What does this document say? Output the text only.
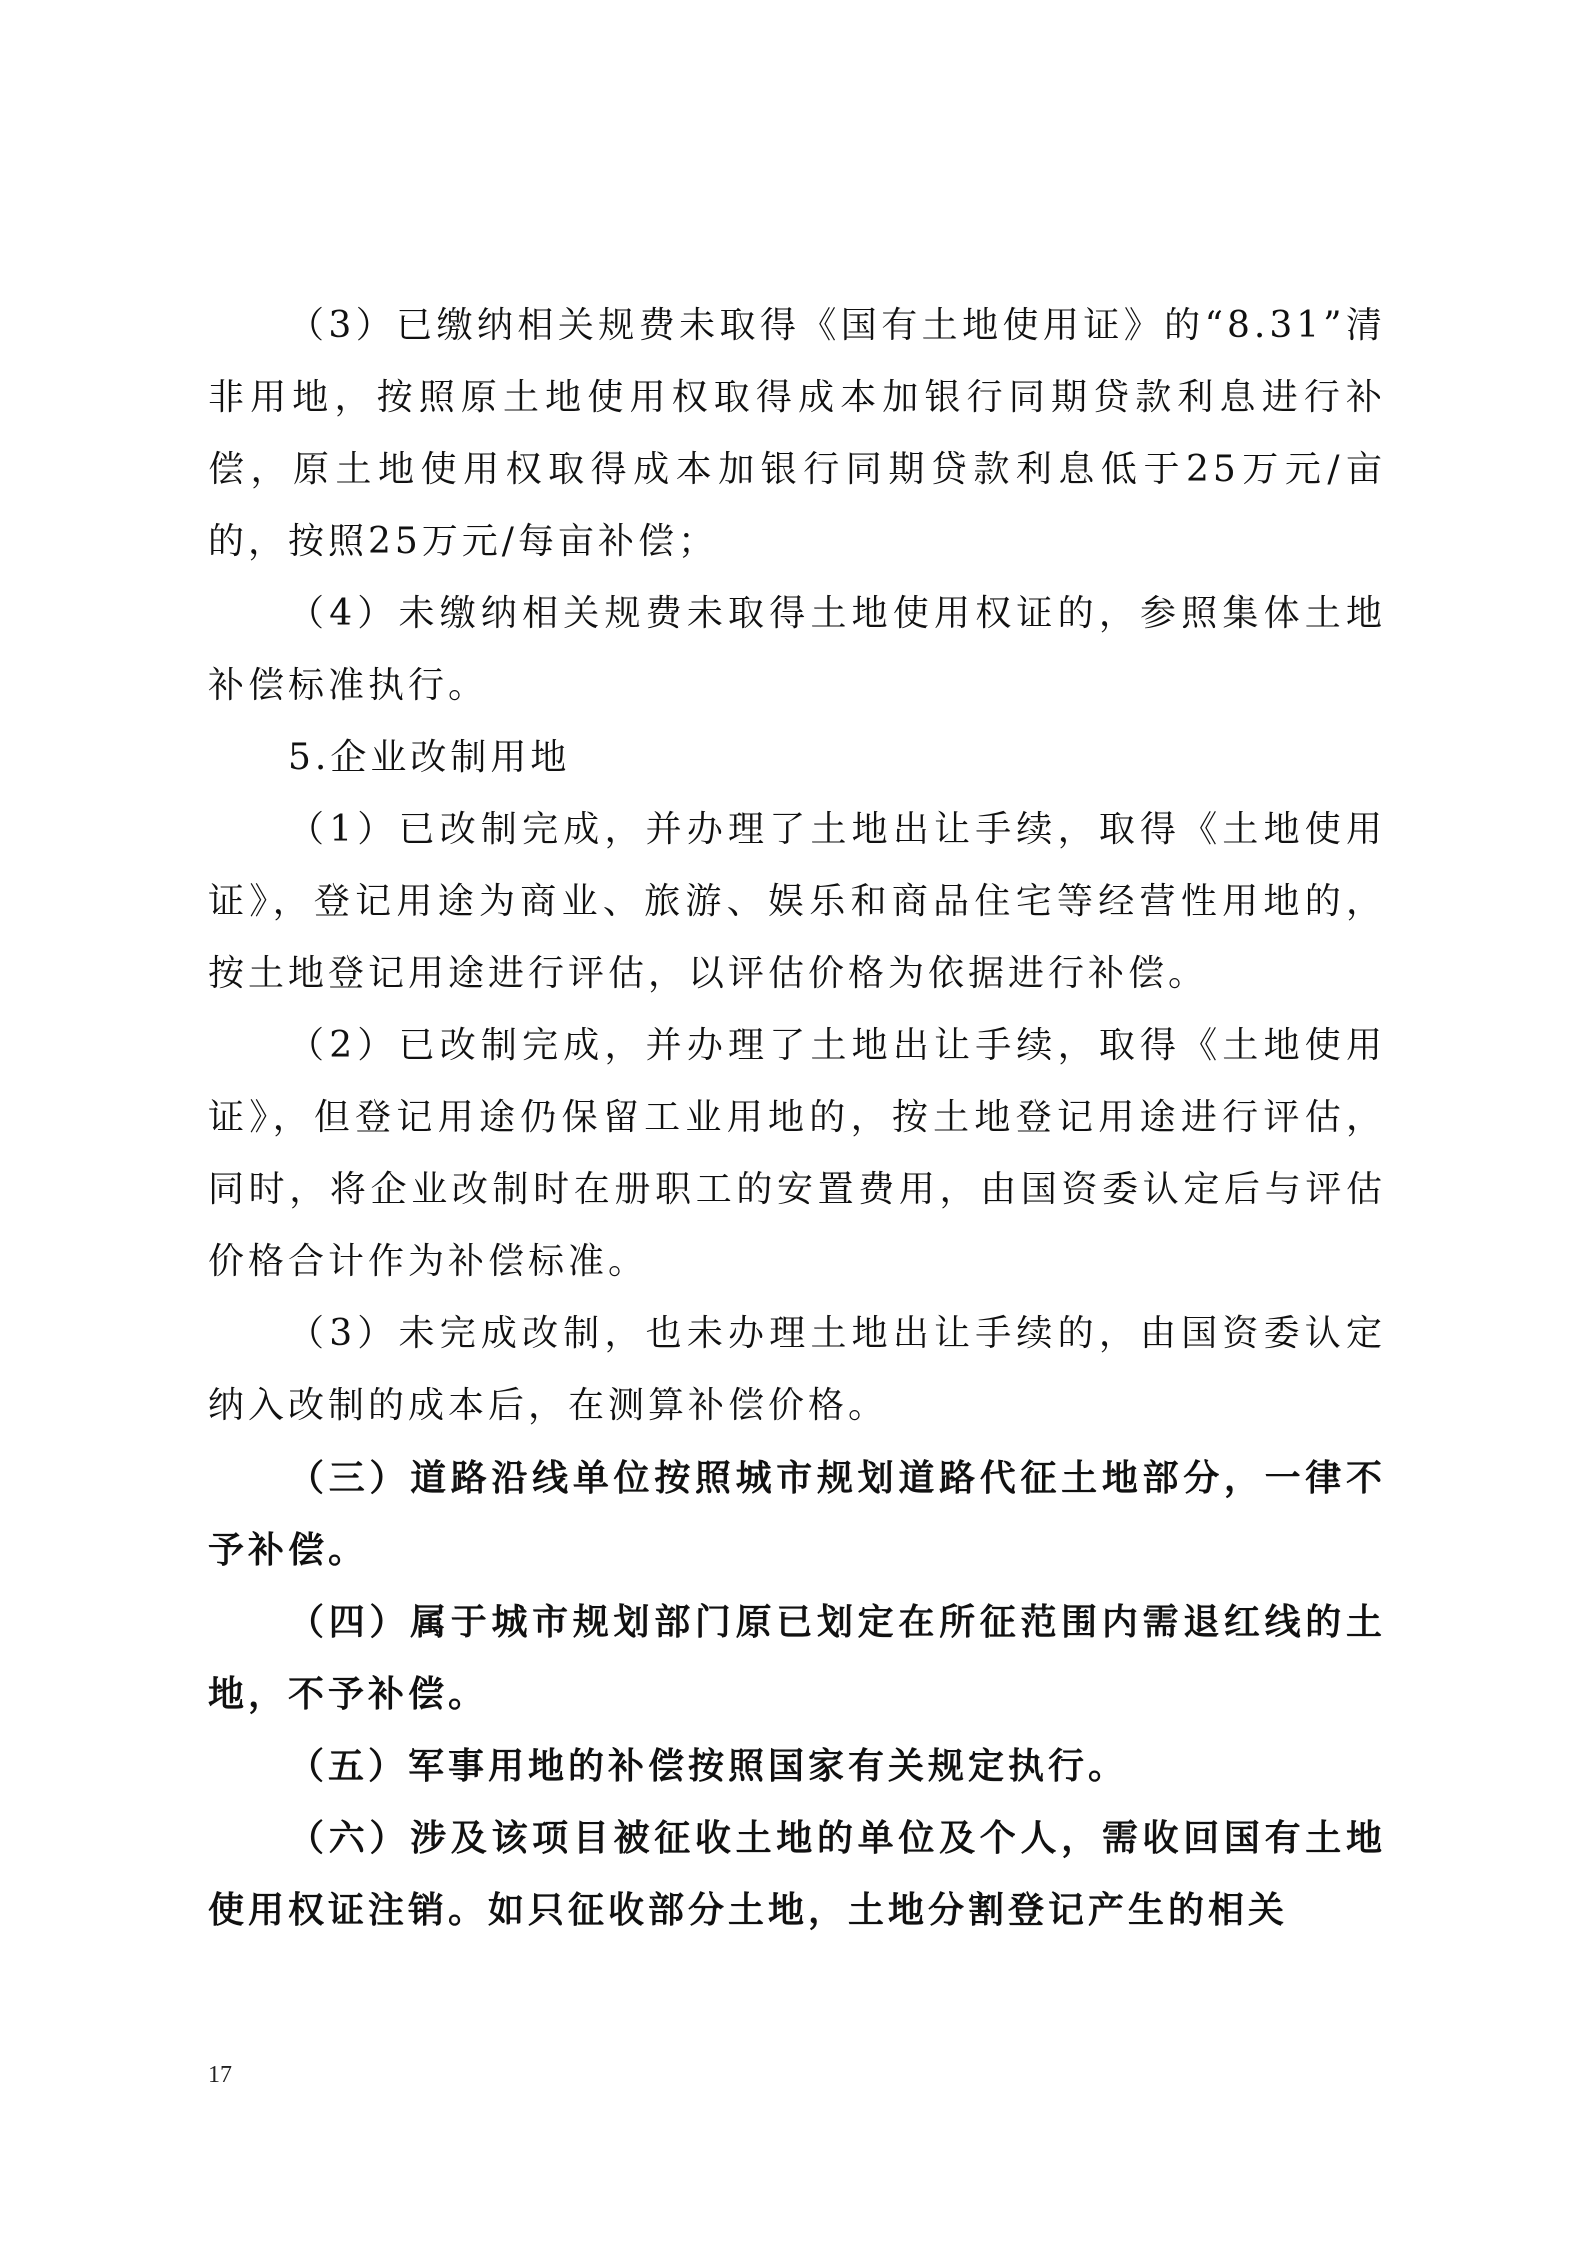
（3）已缴纳相关规费未取得《国有土地使用证》的“8.31”清非用地，按照原土地使用权取得成本加银行同期贷款利息进行补偿，原土地使用权取得成本加银行同期贷款利息低于25万元/亩的，按照25万元/每亩补偿；

（4）未缴纳相关规费未取得土地使用权证的，参照集体土地补偿标准执行。

5.企业改制用地

（1）已改制完成，并办理了土地出让手续，取得《土地使用证》，登记用途为商业、旅游、娱乐和商品住宅等经营性用地的，按土地登记用途进行评估，以评估价格为依据进行补偿。

（2）已改制完成，并办理了土地出让手续，取得《土地使用证》，但登记用途仍保留工业用地的，按土地登记用途进行评估，同时，将企业改制时在册职工的安置费用，由国资委认定后与评估价格合计作为补偿标准。

（3）未完成改制，也未办理土地出让手续的，由国资委认定纳入改制的成本后，在测算补偿价格。

（三）道路沿线单位按照城市规划道路代征土地部分，一律不予补偿。

（四）属于城市规划部门原已划定在所征范围内需退红线的土地，不予补偿。

（五）军事用地的补偿按照国家有关规定执行。

（六）涉及该项目被征收土地的单位及个人，需收回国有土地使用权证注销。如只征收部分土地，土地分割登记产生的相关

17
